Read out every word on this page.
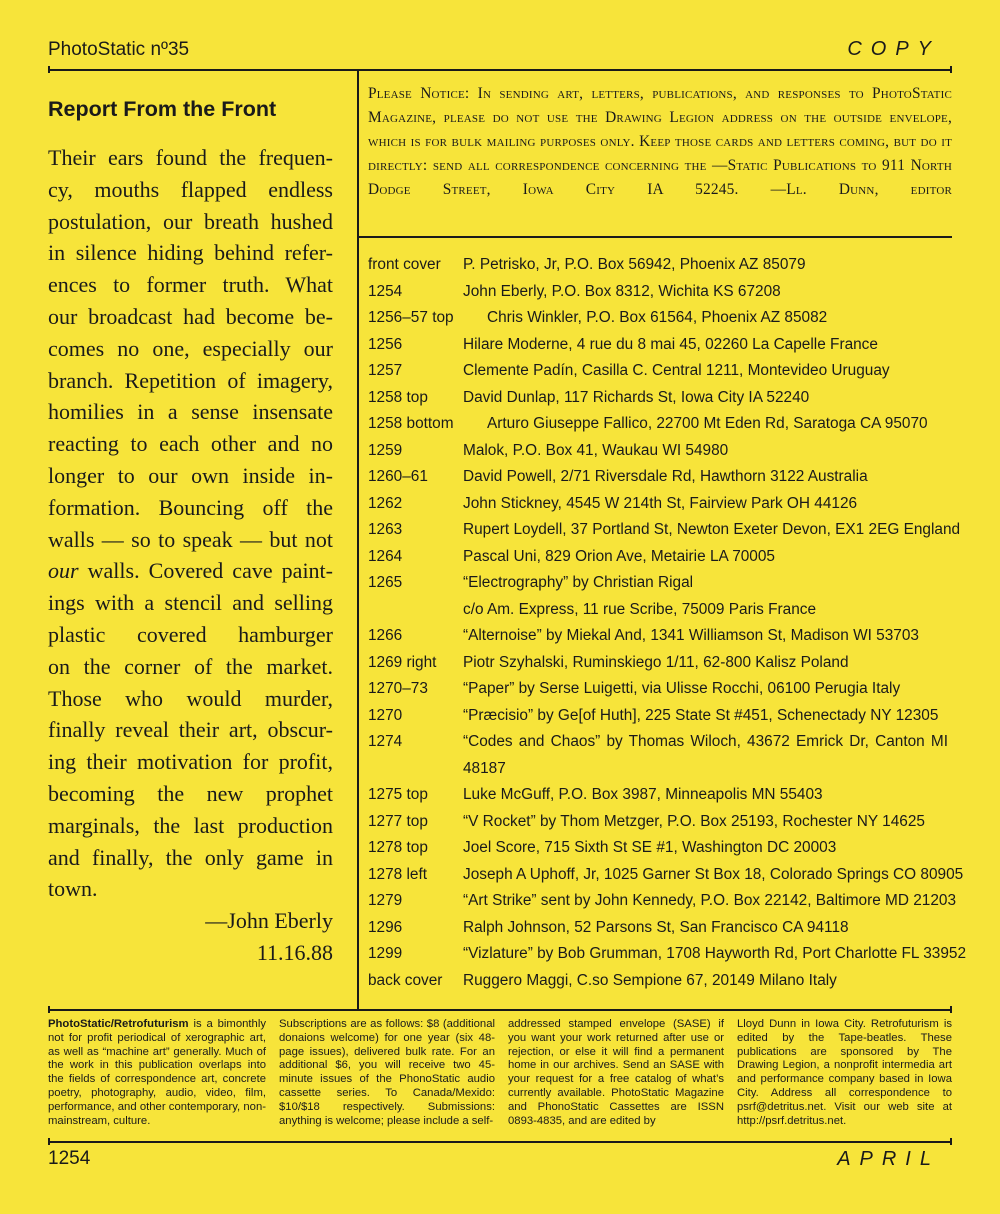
PhotoStatic nº35	COPY
Report From the Front
Their ears found the frequen-
cy, mouths flapped endless
postulation, our breath hushed
in silence hiding behind refer-
ences to former truth. What
our broadcast had become be-
comes no one, especially our
branch. Repetition of imagery,
homilies in a sense insensate
reacting to each other and no
longer to our own inside in-
formation. Bouncing off the
walls — so to speak — but not
our walls. Covered cave paint-
ings with a stencil and selling
plastic covered hamburger
on the corner of the market.
Those who would murder,
finally reveal their art, obscur-
ing their motivation for profit,
becoming the new prophet
marginals, the last production
and finally, the only game in
town.
—John Eberly
11.16.88
Please Notice: In sending art, letters, publications, and responses to PhotoStatic Magazine, please do not use the Drawing Legion address on the outside envelope, which is for bulk mailing purposes only. Keep those cards and letters coming, but do it directly: send all correspondence concerning the —Static Publications to 911 North Dodge Street, Iowa City IA 52245. —Ll. Dunn, editor
front cover P. Petrisko, Jr, P.O. Box 56942, Phoenix AZ 85079
1254	John Eberly, P.O. Box 8312, Wichita KS 67208
1256–57 top Chris Winkler, P.O. Box 61564, Phoenix AZ 85082
1256	Hilare Moderne, 4 rue du 8 mai 45, 02260 La Capelle France
1257	Clemente Padín, Casilla C. Central 1211, Montevideo Uruguay
1258 top David Dunlap, 117 Richards St, Iowa City IA 52240
1258 bottom Arturo Giuseppe Fallico, 22700 Mt Eden Rd, Saratoga CA 95070
1259	Malok, P.O. Box 41, Waukau WI 54980
1260–61 David Powell, 2/71 Riversdale Rd, Hawthorn 3122 Australia
1262	John Stickney, 4545 W 214th St, Fairview Park OH 44126
1263	Rupert Loydell, 37 Portland St, Newton Exeter Devon, EX1 2EG England
1264	Pascal Uni, 829 Orion Ave, Metairie LA 70005
1265	“Electrography” by Christian Rigal
c/o Am. Express, 11 rue Scribe, 75009 Paris France
1266	“Alternoise” by Miekal And, 1341 Williamson St, Madison WI 53703
1269 right Piotr Szyhalski, Ruminskiego 1/11, 62-800 Kalisz Poland
1270–73 “Paper” by Serse Luigetti, via Ulisse Rocchi, 06100 Perugia Italy
1270	“Præcisio” by Ge[of Huth], 225 State St #451, Schenectady NY 12305
1274	“Codes and Chaos” by Thomas Wiloch, 43672 Emrick Dr, Canton MI
48187
1275 top Luke McGuff, P.O. Box 3987, Minneapolis MN 55403
1277 top “V Rocket” by Thom Metzger, P.O. Box 25193, Rochester NY 14625
1278 top Joel Score, 715 Sixth St SE #1, Washington DC 20003
1278 left Joseph A Uphoff, Jr, 1025 Garner St Box 18, Colorado Springs CO 80905
1279	“Art Strike” sent by John Kennedy, P.O. Box 22142, Baltimore MD 21203
1296	Ralph Johnson, 52 Parsons St, San Francisco CA 94118
1299	“Vizlature” by Bob Grumman, 1708 Hayworth Rd, Port Charlotte FL 33952
back cover Ruggero Maggi, C.so Sempione 67, 20149 Milano Italy
PhotoStatic/Retrofuturism is a bimonthly not for profit periodical of xerographic art, as well as “machine art” generally. Much of the work in this publication overlaps into the fields of correspondence art, concrete poetry, photography, audio, video, film, performance, and other contemporary, non-mainstream, culture.
Subscriptions are as follows: $8 (additional donaions welcome) for one year (six 48-page issues), delivered bulk rate. For an additional $6, you will receive two 45-minute issues of the PhonoStatic audio cassette series. To Canada/Mexido: $10/$18 respectively. Submissions: anything is welcome; please include a self-
addressed stamped envelope (SASE) if you want your work returned after use or rejection, or else it will find a permanent home in our archives. Send an SASE with your request for a free catalog of what’s currently available. PhotoStatic Magazine and PhonoStatic Cassettes are ISSN 0893-4835, and are edited by
Lloyd Dunn in Iowa City. Retrofuturism is edited by the Tape-beatles. These publications are sponsored by The Drawing Legion, a nonprofit intermedia art and performance company based in Iowa City. Address all correspondence to psrf@detritus.net. Visit our web site at http://psrf.detritus.net.
1254	APRIL
